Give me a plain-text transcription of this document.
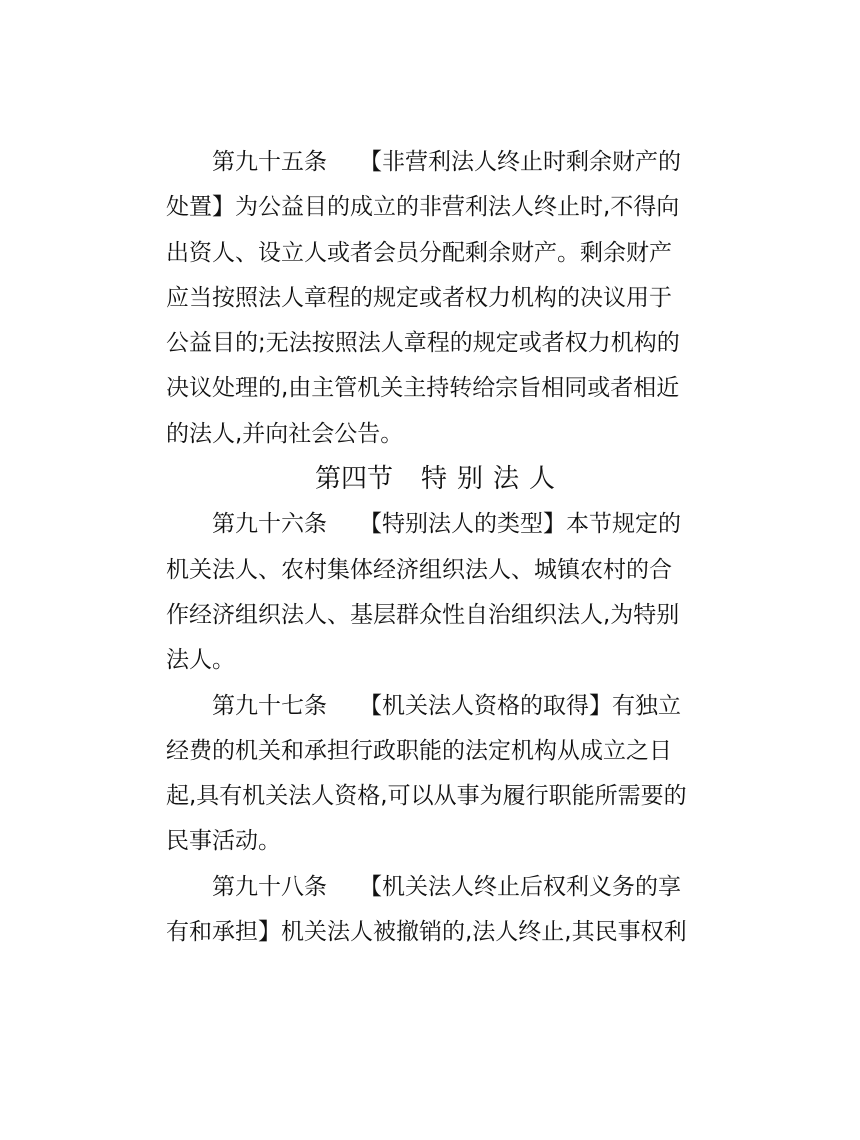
第九十五条 【非营利法人终止时剩余财产的
处置】为公益目的成立的非营利法人终止时,不得向
出资人、设立人或者会员分配剩余财产。剩余财产
应当按照法人章程的规定或者权力机构的决议用于
公益目的;无法按照法人章程的规定或者权力机构的
决议处理的,由主管机关主持转给宗旨相同或者相近
的法人,并向社会公告。
第四节 特别法人
第九十六条 【特别法人的类型】本节规定的
机关法人、农村集体经济组织法人、城镇农村的合
作经济组织法人、基层群众性自治组织法人,为特别
法人。
第九十七条 【机关法人资格的取得】有独立
经费的机关和承担行政职能的法定机构从成立之日
起,具有机关法人资格,可以从事为履行职能所需要的
民事活动。
第九十八条 【机关法人终止后权利义务的享
有和承担】机关法人被撤销的,法人终止,其民事权利
